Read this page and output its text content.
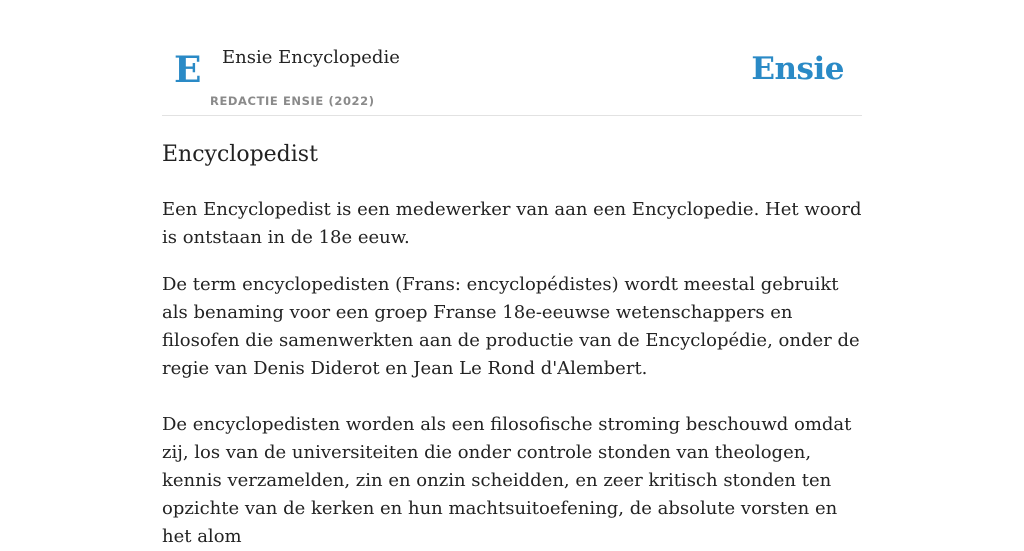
E Ensie Encyclopedie
REDACTIE ENSIE (2022)
Ensie
Encyclopedist

Een Encyclopedist is een medewerker van aan een Encyclopedie. Het woord is ontstaan in de 18e eeuw.

De term encyclopedisten (Frans: encyclopédistes) wordt meestal gebruikt als benaming voor een groep Franse 18e-eeuwse wetenschappers en filosofen die samenwerkten aan de productie van de Encyclopédie, onder de regie van Denis Diderot en Jean Le Rond d'Alembert.

De encyclopedisten worden als een filosofische stroming beschouwd omdat zij, los van de universiteiten die onder controle stonden van theologen, kennis verzamelden, zin en onzin scheidden, en zeer kritisch stonden ten opzichte van de kerken en hun machtsuitoefening, de absolute vorsten en het alom
